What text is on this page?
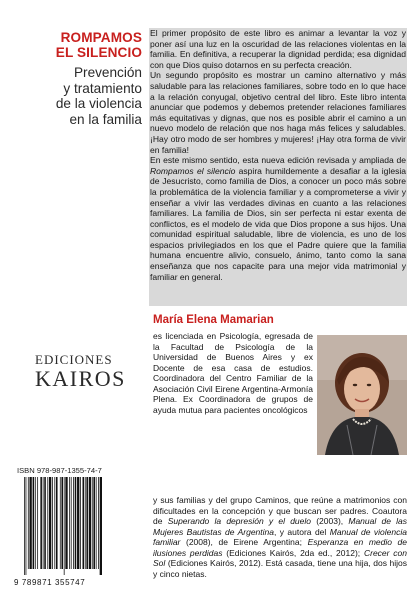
ROMPAMOS
EL SILENCIO
Prevención
y tratamiento
de la violencia
en la familia

El primer propósito de este libro es animar a levantar la voz y poner así una luz en la oscuridad de las relaciones violentas en la familia. En definitiva, a recuperar la dignidad perdida; esa dignidad con que Dios quiso dotarnos en su perfecta creación.

Un segundo propósito es mostrar un camino alternativo y más saludable para las relaciones familiares, sobre todo en lo que hace a la relación conyugal, objetivo central del libro. Este libro intenta anunciar que podemos y debemos pretender relaciones familiares más equitativas y dignas, que nos es posible abrir el camino a un nuevo modelo de relación que nos haga más felices y saludables. ¡Hay otro modo de ser hombres y mujeres! ¡Hay otra forma de vivir en familia!

En este mismo sentido, esta nueva edición revisada y ampliada de Rompamos el silencio aspira humildemente a desafiar a la iglesia de Jesucristo, como familia de Dios, a conocer un poco más sobre la problemática de la violencia familiar y a comprometerse a vivir y enseñar a vivir las verdades divinas en cuanto a las relaciones familiares. La familia de Dios, sin ser perfecta ni estar exenta de conflictos, es el modelo de vida que Dios propone a sus hijos. Una comunidad espiritual saludable, libre de violencia, es uno de los espacios privilegiados en los que el Padre quiere que la familia humana encuentre alivio, consuelo, ánimo, tanto como la sana enseñanza que nos capacite para una mejor vida matrimonial y familiar en general.

María Elena Mamarian
es licenciada en Psicología, egresada de la Facultad de Psicología de la Universidad de Buenos Aires y ex Docente de esa casa de estudios. Coordinadora del Centro Familiar de la Asociación Civil Eirene Argentina-Armonía Plena. Ex Coordinadora de grupos de ayuda mutua para pacientes oncológicos
EDICIONES
KAIROS
y sus familias y del grupo Caminos, que reúne a matrimonios con dificultades en la concepción y que buscan ser padres. Coautora de Superando la depresión y el duelo (2003), Manual de las Mujeres Bautistas de Argentina, y autora del Manual de violencia familiar (2008), de Eirene Argentina; Esperanza en medio de ilusiones perdidas (Ediciones Kairós, 2da ed., 2012); Crecer con Sol (Ediciones Kairós, 2012). Está casada, tiene una hija, dos hijos y cinco nietas.
ISBN 978-987-1355-74-7
9 789871 355747
